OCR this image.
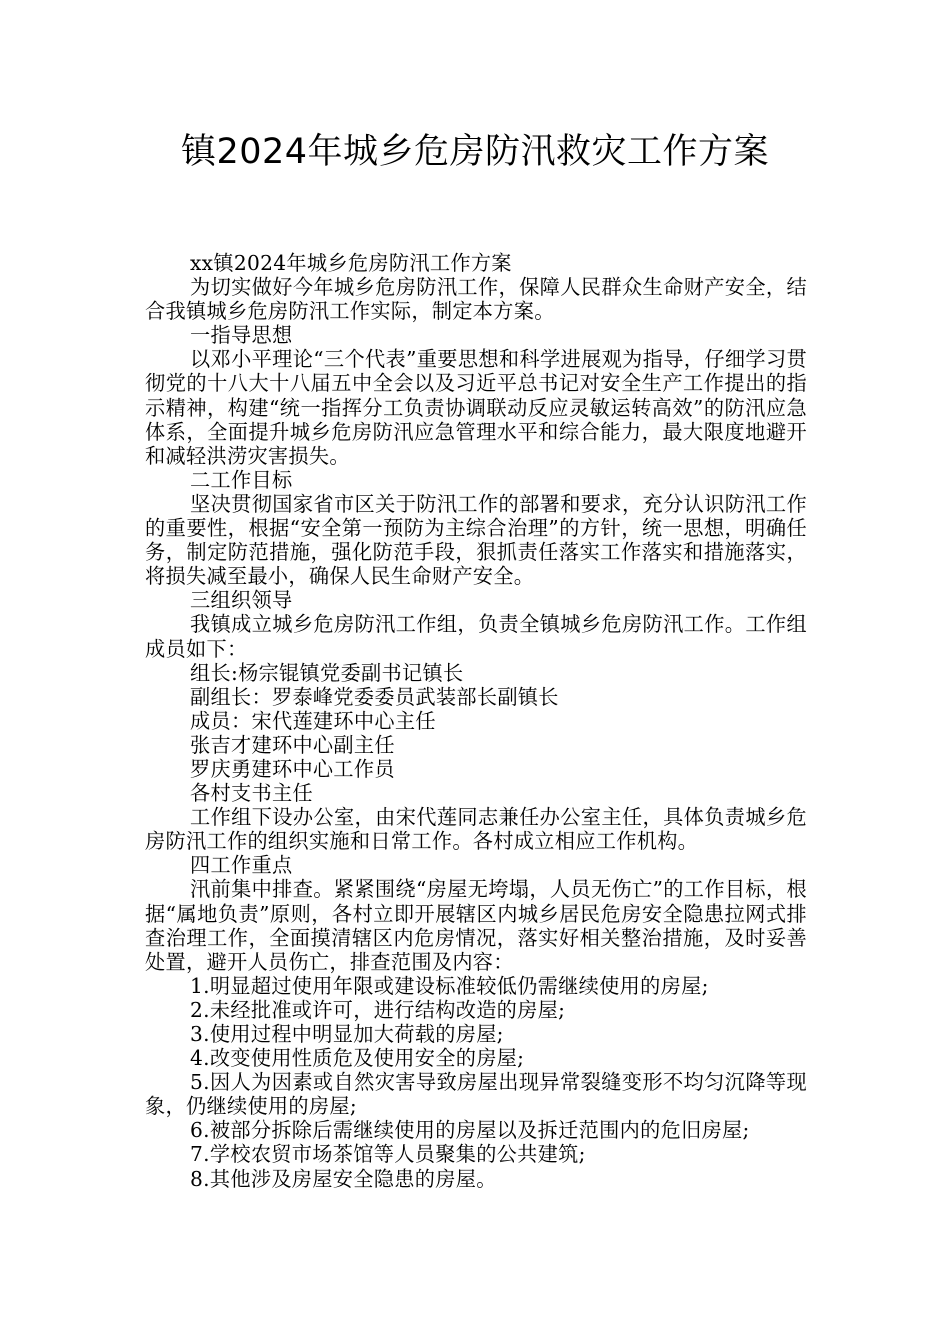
镇2024年城乡危房防汛救灾工作方案

xx镇2024年城乡危房防汛工作方案

为切实做好今年城乡危房防汛工作，保障人民群众生命财产安全，结合我镇城乡危房防汛工作实际，制定本方案。

一指导思想

以邓小平理论“三个代表”重要思想和科学进展观为指导，仔细学习贯彻党的十八大十八届五中全会以及习近平总书记对安全生产工作提出的指示精神，构建“统一指挥分工负责协调联动反应灵敏运转高效”的防汛应急体系，全面提升城乡危房防汛应急管理水平和综合能力，最大限度地避开和减轻洪涝灾害损失。

二工作目标

坚决贯彻国家省市区关于防汛工作的部署和要求，充分认识防汛工作的重要性，根据“安全第一预防为主综合治理”的方针，统一思想，明确任务，制定防范措施，强化防范手段，狠抓责任落实工作落实和措施落实，将损失减至最小，确保人民生命财产安全。

三组织领导

我镇成立城乡危房防汛工作组，负责全镇城乡危房防汛工作。工作组成员如下：

组长:杨宗锟镇党委副书记镇长

副组长：罗泰峰党委委员武装部长副镇长

成员：宋代莲建环中心主任

张吉才建环中心副主任

罗庆勇建环中心工作员

各村支书主任

工作组下设办公室，由宋代莲同志兼任办公室主任，具体负责城乡危房防汛工作的组织实施和日常工作。各村成立相应工作机构。

四工作重点

汛前集中排查。紧紧围绕“房屋无垮塌，人员无伤亡”的工作目标，根据“属地负责”原则，各村立即开展辖区内城乡居民危房安全隐患拉网式排查治理工作，全面摸清辖区内危房情况，落实好相关整治措施，及时妥善处置，避开人员伤亡，排查范围及内容：

1.明显超过使用年限或建设标准较低仍需继续使用的房屋;

2.未经批准或许可，进行结构改造的房屋;

3.使用过程中明显加大荷载的房屋;

4.改变使用性质危及使用安全的房屋;

5.因人为因素或自然灾害导致房屋出现异常裂缝变形不均匀沉降等现象，仍继续使用的房屋;

6.被部分拆除后需继续使用的房屋以及拆迁范围内的危旧房屋;

7.学校农贸市场茶馆等人员聚集的公共建筑;

8.其他涉及房屋安全隐患的房屋。
